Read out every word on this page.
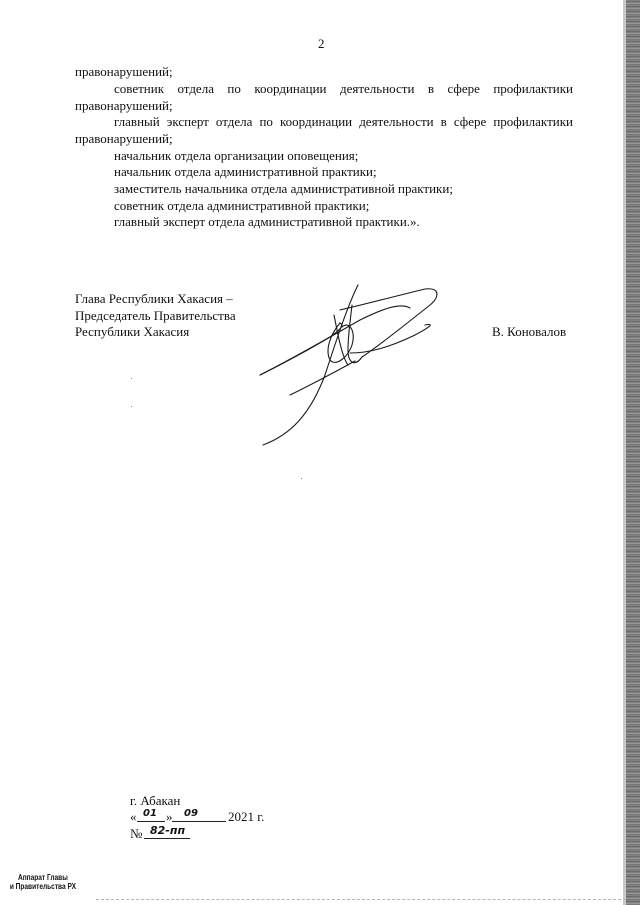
2
правонарушений;
советник отдела по координации деятельности в сфере профилактики
правонарушений;
главный эксперт отдела по координации деятельности в сфере профилактики
правонарушений;
начальник отдела организации оповещения;
начальник отдела административной практики;
заместитель начальника отдела административной практики;
советник отдела административной практики;
главный эксперт отдела административной практики.».
Глава Республики Хакасия –
Председатель Правительства
Республики Хакасия	В. Коновалов
г. Абакан
« 01 » 09 2021 г.
№ 82-пп
Аппарат Главы
и Правительства РХ
